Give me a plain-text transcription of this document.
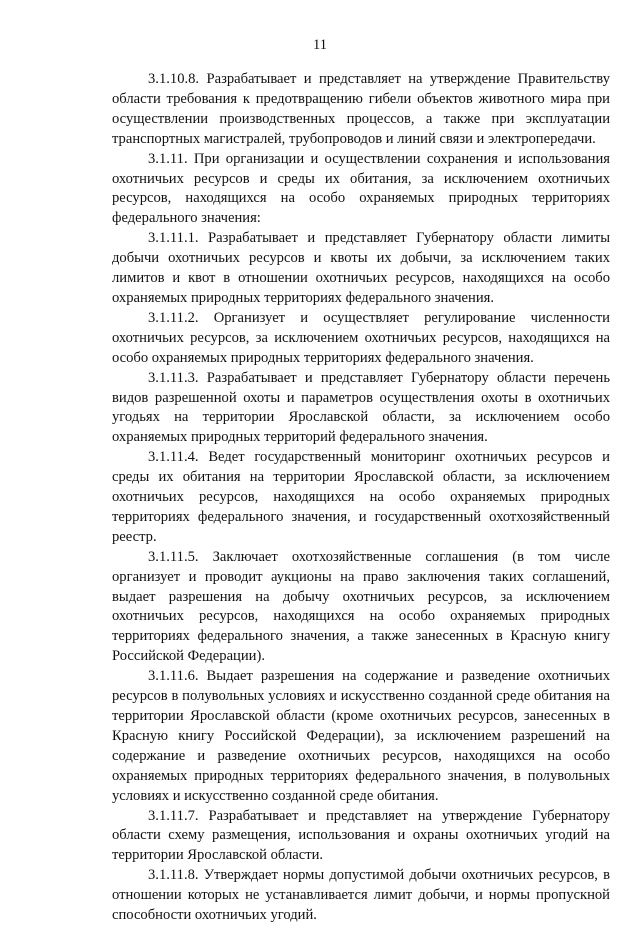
11

3.1.10.8. Разрабатывает и представляет на утверждение Правительству области требования к предотвращению гибели объектов животного мира при осуществлении производственных процессов, а также при эксплуатации транспортных магистралей, трубопроводов и линий связи и электропередачи.

3.1.11. При организации и осуществлении сохранения и использования охотничьих ресурсов и среды их обитания, за исключением охотничьих ресурсов, находящихся на особо охраняемых природных территориях федерального значения:

3.1.11.1. Разрабатывает и представляет Губернатору области лимиты добычи охотничьих ресурсов и квоты их добычи, за исключением таких лимитов и квот в отношении охотничьих ресурсов, находящихся на особо охраняемых природных территориях федерального значения.

3.1.11.2. Организует и осуществляет регулирование численности охотничьих ресурсов, за исключением охотничьих ресурсов, находящихся на особо охраняемых природных территориях федерального значения.

3.1.11.3. Разрабатывает и представляет Губернатору области перечень видов разрешенной охоты и параметров осуществления охоты в охотничьих угодьях на территории Ярославской области, за исключением особо охраняемых природных территорий федерального значения.

3.1.11.4. Ведет государственный мониторинг охотничьих ресурсов и среды их обитания на территории Ярославской области, за исключением охотничьих ресурсов, находящихся на особо охраняемых природных территориях федерального значения, и государственный охотхозяйственный реестр.

3.1.11.5. Заключает охотхозяйственные соглашения (в том числе организует и проводит аукционы на право заключения таких соглашений, выдает разрешения на добычу охотничьих ресурсов, за исключением охотничьих ресурсов, находящихся на особо охраняемых природных территориях федерального значения, а также занесенных в Красную книгу Российской Федерации).

3.1.11.6. Выдает разрешения на содержание и разведение охотничьих ресурсов в полувольных условиях и искусственно созданной среде обитания на территории Ярославской области (кроме охотничьих ресурсов, занесенных в Красную книгу Российской Федерации), за исключением разрешений на содержание и разведение охотничьих ресурсов, находящихся на особо охраняемых природных территориях федерального значения, в полувольных условиях и искусственно созданной среде обитания.

3.1.11.7. Разрабатывает и представляет на утверждение Губернатору области схему размещения, использования и охраны охотничьих угодий на территории Ярославской области.

3.1.11.8. Утверждает нормы допустимой добычи охотничьих ресурсов, в отношении которых не устанавливается лимит добычи, и нормы пропускной способности охотничьих угодий.
